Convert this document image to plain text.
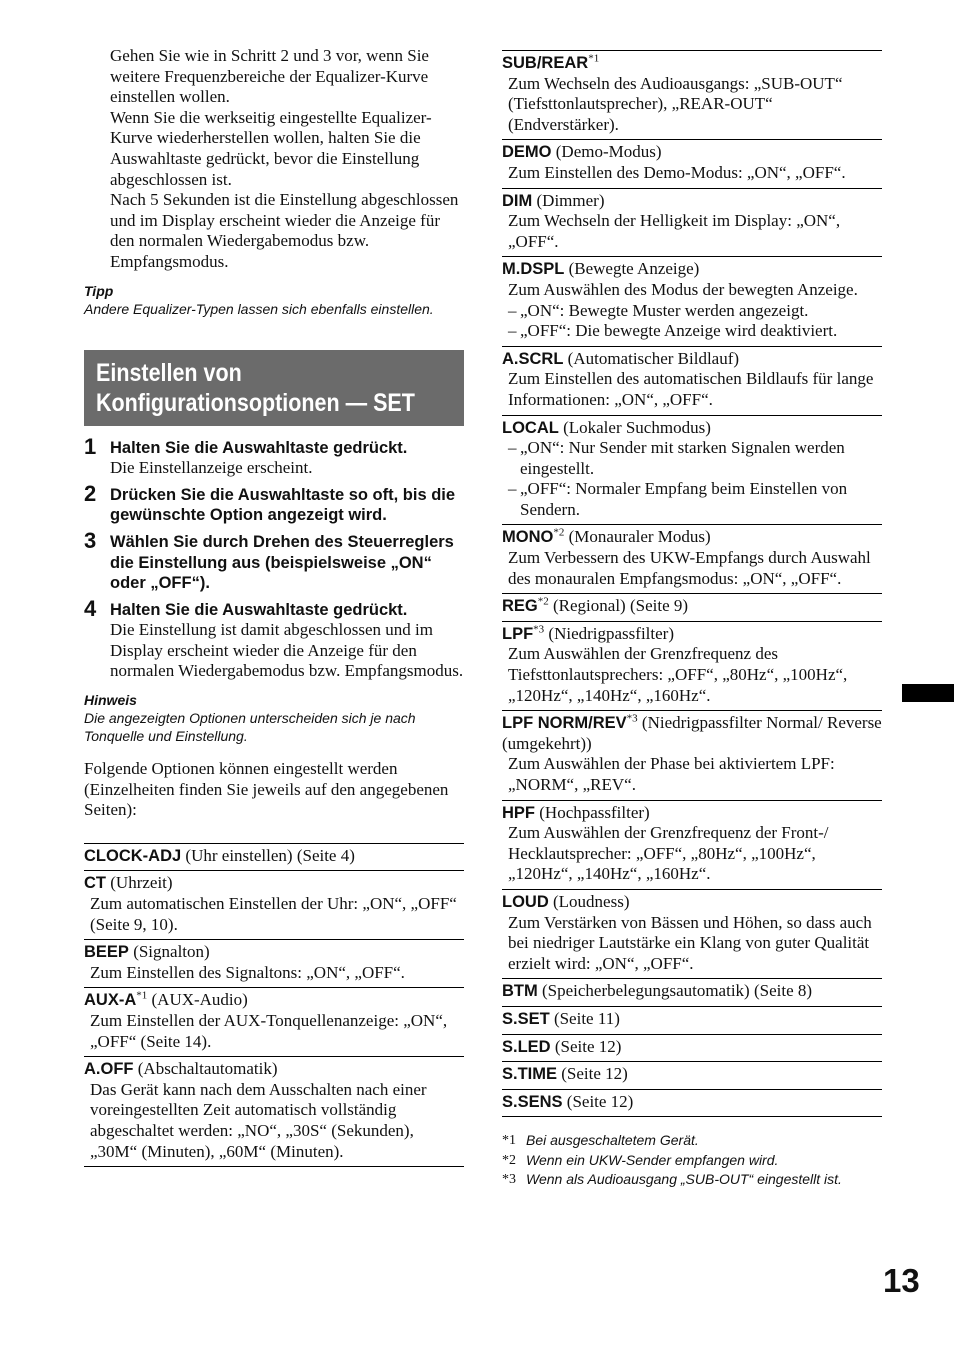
Gehen Sie wie in Schritt 2 und 3 vor, wenn Sie weitere Frequenzbereiche der Equalizer-Kurve einstellen wollen.

Wenn Sie die werkseitig eingestellte Equalizer-Kurve wiederherstellen wollen, halten Sie die Auswahltaste gedrückt, bevor die Einstellung abgeschlossen ist.

Nach 5 Sekunden ist die Einstellung abgeschlossen und im Display erscheint wieder die Anzeige für den normalen Wiedergabemodus bzw. Empfangsmodus.

Tipp
Andere Equalizer-Typen lassen sich ebenfalls einstellen.
Einstellen von
Konfigurationsoptionen — SET
1 Halten Sie die Auswahltaste gedrückt.
Die Einstellanzeige erscheint.
2 Drücken Sie die Auswahltaste so oft, bis die gewünschte Option angezeigt wird.
3 Wählen Sie durch Drehen des Steuerreglers die Einstellung aus (beispielsweise „ON“ oder „OFF“).
4 Halten Sie die Auswahltaste gedrückt.
Die Einstellung ist damit abgeschlossen und im Display erscheint wieder die Anzeige für den normalen Wiedergabemodus bzw. Empfangsmodus.
Hinweis
Die angezeigten Optionen unterscheiden sich je nach Tonquelle und Einstellung.
Folgende Optionen können eingestellt werden (Einzelheiten finden Sie jeweils auf den angegebenen Seiten):
CLOCK-ADJ (Uhr einstellen) (Seite 4)
CT (Uhrzeit)
Zum automatischen Einstellen der Uhr: „ON“, „OFF“ (Seite 9, 10).
BEEP (Signalton)
Zum Einstellen des Signaltons: „ON“, „OFF“.
AUX-$A^{*1}$ (AUX-Audio)
Zum Einstellen der AUX-Tonquellenanzeige: „ON“, „OFF“ (Seite 14).
A.OFF (Abschaltautomatik)
Das Gerät kann nach dem Ausschalten nach einer voreingestellten Zeit automatisch vollständig abgeschaltet werden: „NO“, „30S“ (Sekunden), „30M“ (Minuten), „60M“ (Minuten).
SUB/REAR$^{*1}$
Zum Wechseln des Audioausgangs: „SUB-OUT“ (Tiefsttonlautsprecher), „REAR-OUT“ (Endverstärker).
DEMO (Demo-Modus)
Zum Einstellen des Demo-Modus: „ON“, „OFF“.
DIM (Dimmer)
Zum Wechseln der Helligkeit im Display: „ON“, „OFF“.
M.DSPL (Bewegte Anzeige)
Zum Auswählen des Modus der bewegten Anzeige.
– „ON“: Bewegte Muster werden angezeigt.
– „OFF“: Die bewegte Anzeige wird deaktiviert.
A.SCRL (Automatischer Bildlauf)
Zum Einstellen des automatischen Bildlaufs für lange Informationen: „ON“, „OFF“.
LOCAL (Lokaler Suchmodus)
– „ON“: Nur Sender mit starken Signalen werden eingestellt.
– „OFF“: Normaler Empfang beim Einstellen von Sendern.
MONO$^{*2}$ (Monauraler Modus)
Zum Verbessern des UKW-Empfangs durch Auswahl des monauralen Empfangsmodus: „ON“, „OFF“.
REG$^{*2}$ (Regional) (Seite 9)
LPF$^{*3}$ (Niedrigpassfilter)
Zum Auswählen der Grenzfrequenz des Tiefsttonlautsprechers: „OFF“, „80Hz“, „100Hz“, „120Hz“, „140Hz“, „160Hz“.
LPF NORM/REV$^{*3}$ (Niedrigpassfilter Normal/ Reverse (umgekehrt))
Zum Auswählen der Phase bei aktiviertem LPF: „NORM“, „REV“.
HPF (Hochpassfilter)
Zum Auswählen der Grenzfrequenz der Front-/ Hecklautsprecher: „OFF“, „80Hz“, „100Hz“, „120Hz“, „140Hz“, „160Hz“.
LOUD (Loudness)
Zum Verstärken von Bässen und Höhen, so dass auch bei niedriger Lautstärke ein Klang von guter Qualität erzielt wird: „ON“, „OFF“.
BTM (Speicherbelegungsautomatik) (Seite 8)
S.SET (Seite 11)
S.LED (Seite 12)
S.TIME (Seite 12)
S.SENS (Seite 12)
*1 Bei ausgeschaltetem Gerät.
*2 Wenn ein UKW-Sender empfangen wird.
*3 Wenn als Audioausgang „SUB-OUT“ eingestellt ist.
13
